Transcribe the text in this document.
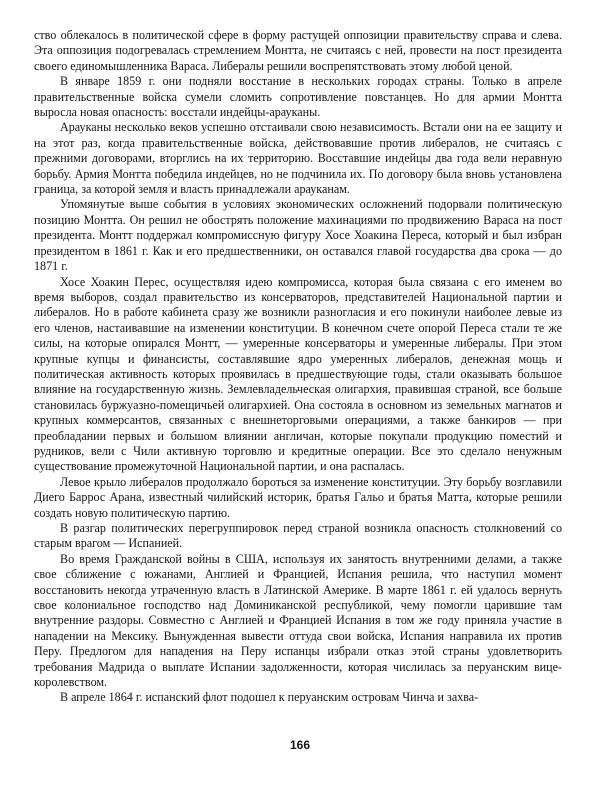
ство облекалось в политической сфере в форму растущей оппозиции правительству справа и слева. Эта оппозиция подогревалась стремлением Монтта, не считаясь с ней, провести на пост президента своего единомышленника Вараса. Либералы решили воспрепятствовать этому любой ценой.

В январе 1859 г. они подняли восстание в нескольких городах страны. Только в апреле правительственные войска сумели сломить сопротивление повстанцев. Но для армии Монтта выросла новая опасность: восстали индейцы-арауканы.

Арауканы несколько веков успешно отстаивали свою независимость. Встали они на ее защиту и на этот раз, когда правительственные войска, действовавшие против либералов, не считаясь с прежними договорами, вторглись на их территорию. Восставшие индейцы два года вели неравную борьбу. Армия Монтта победила индейцев, но не подчинила их. По договору была вновь установлена граница, за которой земля и власть принадлежали арауканам.

Упомянутые выше события в условиях экономических осложнений подорвали политическую позицию Монтта. Он решил не обострять положение махинациями по продвижению Вараса на пост президента. Монтт поддержал компромиссную фигуру Хосе Хоакина Переса, который и был избран президентом в 1861 г. Как и его предшественники, он оставался главой государства два срока — до 1871 г.

Хосе Хоакин Перес, осуществляя идею компромисса, которая была связана с его именем во время выборов, создал правительство из консерваторов, представителей Национальной партии и либералов. Но в работе кабинета сразу же возникли разногласия и его покинули наиболее левые из его членов, настаивавшие на изменении конституции. В конечном счете опорой Переса стали те же силы, на которые опирался Монтт, — умеренные консерваторы и умеренные либералы. При этом крупные купцы и финансисты, составлявшие ядро умеренных либералов, денежная мощь и политическая активность которых проявилась в предшествующие годы, стали оказывать большое влияние на государственную жизнь. Землевладельческая олигархия, правившая страной, все больше становилась буржуазно-помещичьей олигархией. Она состояла в основном из земельных магнатов и крупных коммерсантов, связанных с внешнеторговыми операциями, а также банкиров — при преобладании первых и большом влиянии англичан, которые покупали продукцию поместий и рудников, вели с Чили активную торговлю и кредитные операции. Все это сделало ненужным существование промежуточной Национальной партии, и она распалась.

Левое крыло либералов продолжало бороться за изменение конституции. Эту борьбу возглавили Диего Баррос Арана, известный чилийский историк, братья Гальо и братья Матта, которые решили создать новую политическую партию.

В разгар политических перегруппировок перед страной возникла опасность столкновений со старым врагом — Испанией.

Во время Гражданской войны в США, используя их занятость внутренними делами, а также свое сближение с южанами, Англией и Францией, Испания решила, что наступил момент восстановить некогда утраченную власть в Латинской Америке. В марте 1861 г. ей удалось вернуть свое колониальное господство над Доминиканской республикой, чему помогли царившие там внутренние раздоры. Совместно с Англией и Францией Испания в том же году приняла участие в нападении на Мексику. Вынужденная вывести оттуда свои войска, Испания направила их против Перу. Предлогом для нападения на Перу испанцы избрали отказ этой страны удовлетворить требования Мадрида о выплате Испании задолженности, которая числилась за перуанским вице-королевством.

В апреле 1864 г. испанский флот подошел к перуанским островам Чинча и захва-

166
